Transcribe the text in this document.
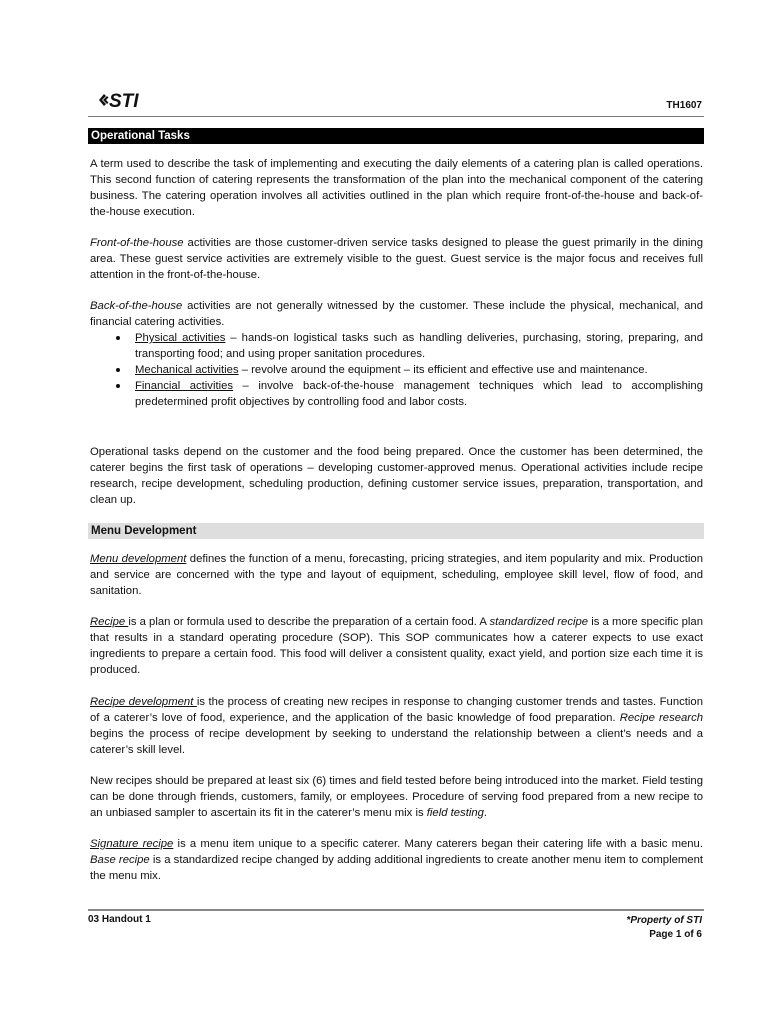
STI	TH1607
Operational Tasks

A term used to describe the task of implementing and executing the daily elements of a catering plan is called operations. This second function of catering represents the transformation of the plan into the mechanical component of the catering business. The catering operation involves all activities outlined in the plan which require front-of-the-house and back-of-the-house execution.

Front-of-the-house activities are those customer-driven service tasks designed to please the guest primarily in the dining area. These guest service activities are extremely visible to the guest. Guest service is the major focus and receives full attention in the front-of-the-house.

Back-of-the-house activities are not generally witnessed by the customer. These include the physical, mechanical, and financial catering activities.

Physical activities – hands-on logistical tasks such as handling deliveries, purchasing, storing, preparing, and transporting food; and using proper sanitation procedures.
Mechanical activities – revolve around the equipment – its efficient and effective use and maintenance.
Financial activities – involve back-of-the-house management techniques which lead to accomplishing predetermined profit objectives by controlling food and labor costs.

Operational tasks depend on the customer and the food being prepared. Once the customer has been determined, the caterer begins the first task of operations – developing customer-approved menus. Operational activities include recipe research, recipe development, scheduling production, defining customer service issues, preparation, transportation, and clean up.

Menu Development

Menu development defines the function of a menu, forecasting, pricing strategies, and item popularity and mix. Production and service are concerned with the type and layout of equipment, scheduling, employee skill level, flow of food, and sanitation.

Recipe is a plan or formula used to describe the preparation of a certain food. A standardized recipe is a more specific plan that results in a standard operating procedure (SOP). This SOP communicates how a caterer expects to use exact ingredients to prepare a certain food. This food will deliver a consistent quality, exact yield, and portion size each time it is produced.

Recipe development is the process of creating new recipes in response to changing customer trends and tastes. Function of a caterer’s love of food, experience, and the application of the basic knowledge of food preparation. Recipe research begins the process of recipe development by seeking to understand the relationship between a client’s needs and a caterer’s skill level.

New recipes should be prepared at least six (6) times and field tested before being introduced into the market. Field testing can be done through friends, customers, family, or employees. Procedure of serving food prepared from a new recipe to an unbiased sampler to ascertain its fit in the caterer’s menu mix is field testing.

Signature recipe is a menu item unique to a specific caterer. Many caterers began their catering life with a basic menu. Base recipe is a standardized recipe changed by adding additional ingredients to create another menu item to complement the menu mix.

03 Handout 1	*Property of STI
Page 1 of 6
